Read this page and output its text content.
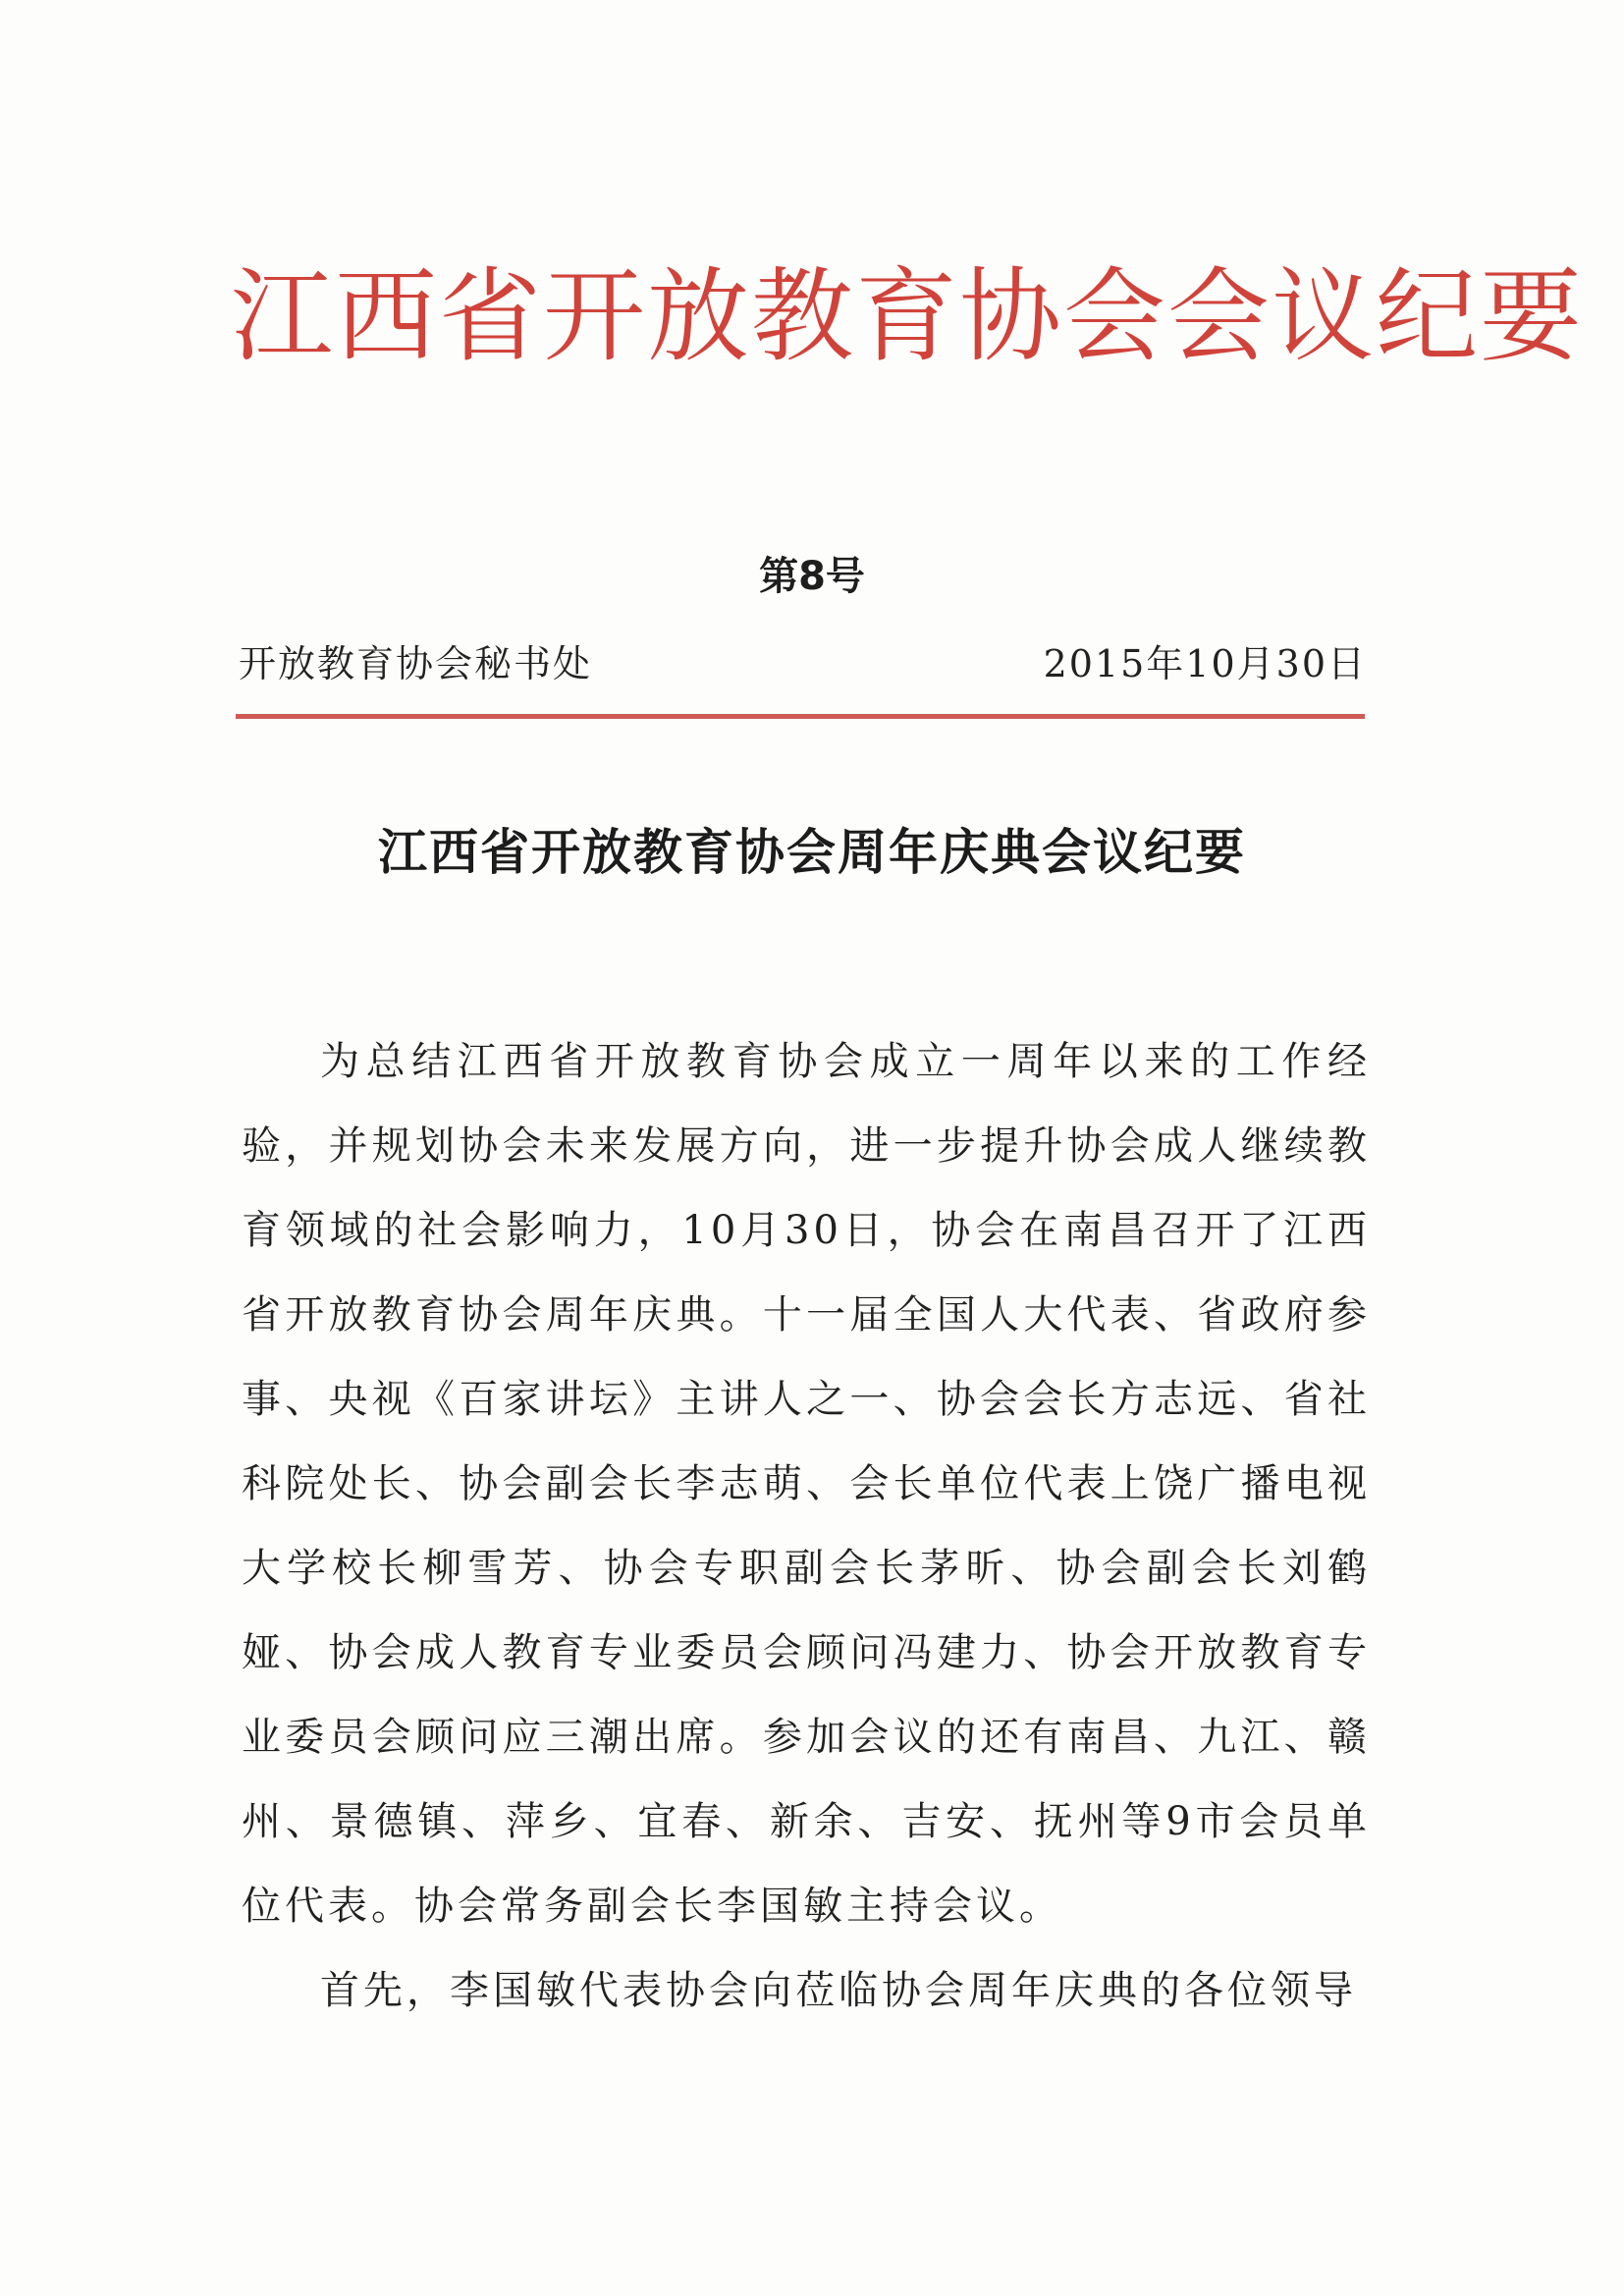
江西省开放教育协会会议纪要
第8号
开放教育协会秘书处	2015年10月30日
江西省开放教育协会周年庆典会议纪要

为总结江西省开放教育协会成立一周年以来的工作经验，并规划协会未来发展方向，进一步提升协会成人继续教育领域的社会影响力，10月30日，协会在南昌召开了江西省开放教育协会周年庆典。十一届全国人大代表、省政府参事、央视《百家讲坛》主讲人之一、协会会长方志远、省社科院处长、协会副会长李志萌、会长单位代表上饶广播电视大学校长柳雪芳、协会专职副会长茅昕、协会副会长刘鹤娅、协会成人教育专业委员会顾问冯建力、协会开放教育专业委员会顾问应三潮出席。参加会议的还有南昌、九江、赣州、景德镇、萍乡、宜春、新余、吉安、抚州等9市会员单位代表。协会常务副会长李国敏主持会议。

首先，李国敏代表协会向莅临协会周年庆典的各位领导
